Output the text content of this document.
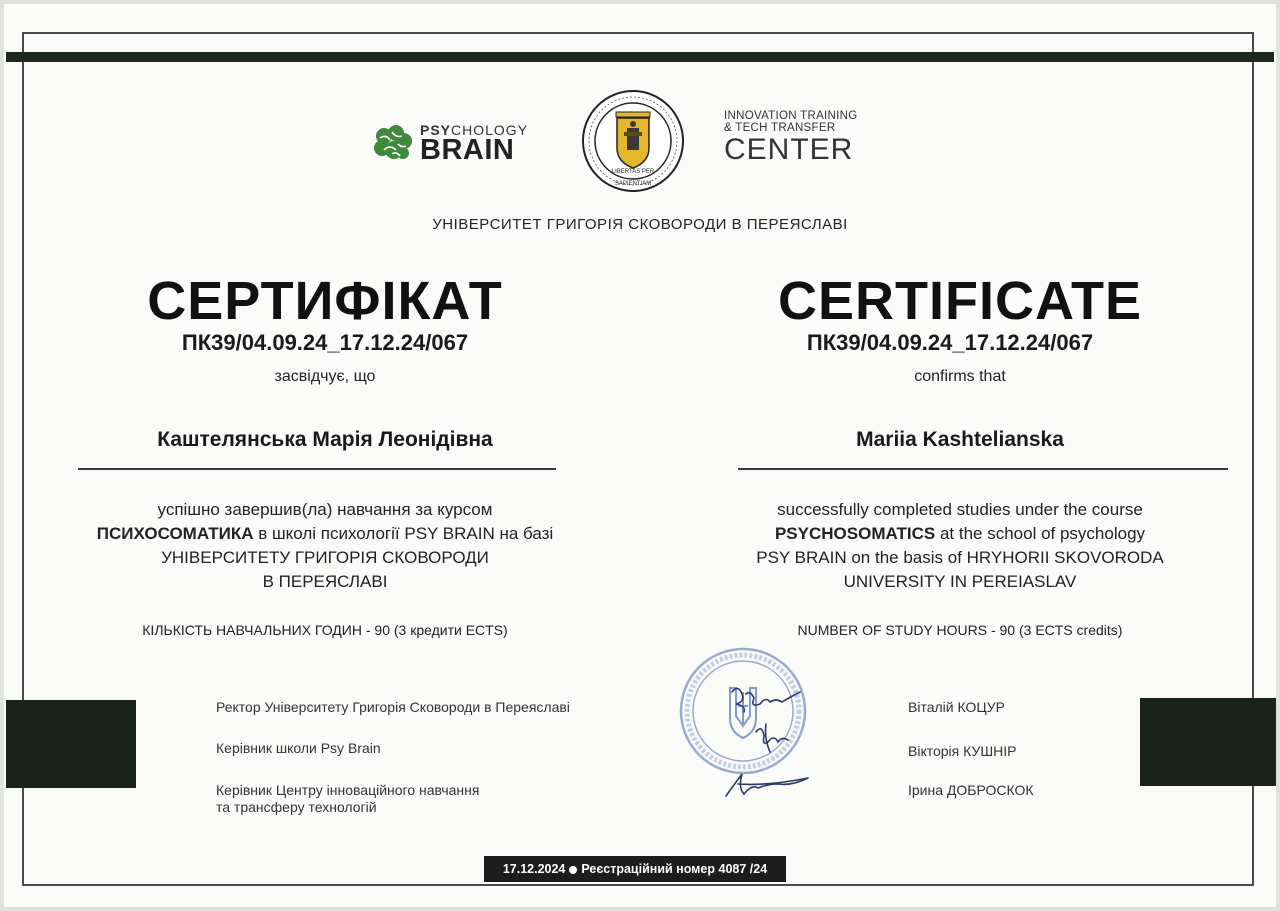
PSYCHOLOGY
BRAIN
LIBERTAS PER SAPIENTIAM
INNOVATION TRAINING
& TECH TRANSFER
CENTER
УНІВЕРСИТЕТ ГРИГОРІЯ СКОВОРОДИ В ПЕРЕЯСЛАВІ
СЕРТИФІКАТ
ПК39/04.09.24_17.12.24/067
засвідчує, що
Каштелянська Марія Леонідівна
успішно завершив(ла) навчання за курсом
ПСИХОСОМАТИКА в школі психології PSY BRAIN на базі
УНІВЕРСИТЕТУ ГРИГОРІЯ СКОВОРОДИ
В ПЕРЕЯСЛАВІ
КІЛЬКІСТЬ НАВЧАЛЬНИХ ГОДИН - 90 (3 кредити ECTS)
CERTIFICATE
ПК39/04.09.24_17.12.24/067
confirms that
Mariia Kashtelianska
successfully completed studies under the course
PSYCHOSOMATICS at the school of psychology
PSY BRAIN on the basis of HRYHORII SKOVORODA
UNIVERSITY IN PEREIASLAV
NUMBER OF STUDY HOURS - 90 (3 ECTS credits)
Ректор Університету Григорія Сковороди в Переяславі
Керівник школи Psy Brain
Керівник Центру інноваційного навчання
та трансферу технологій
Віталій КОЦУР
Вікторія КУШНІР
Ірина ДОБРОСКОК
17.12.2024 Реєстраційний номер 4087 /24
